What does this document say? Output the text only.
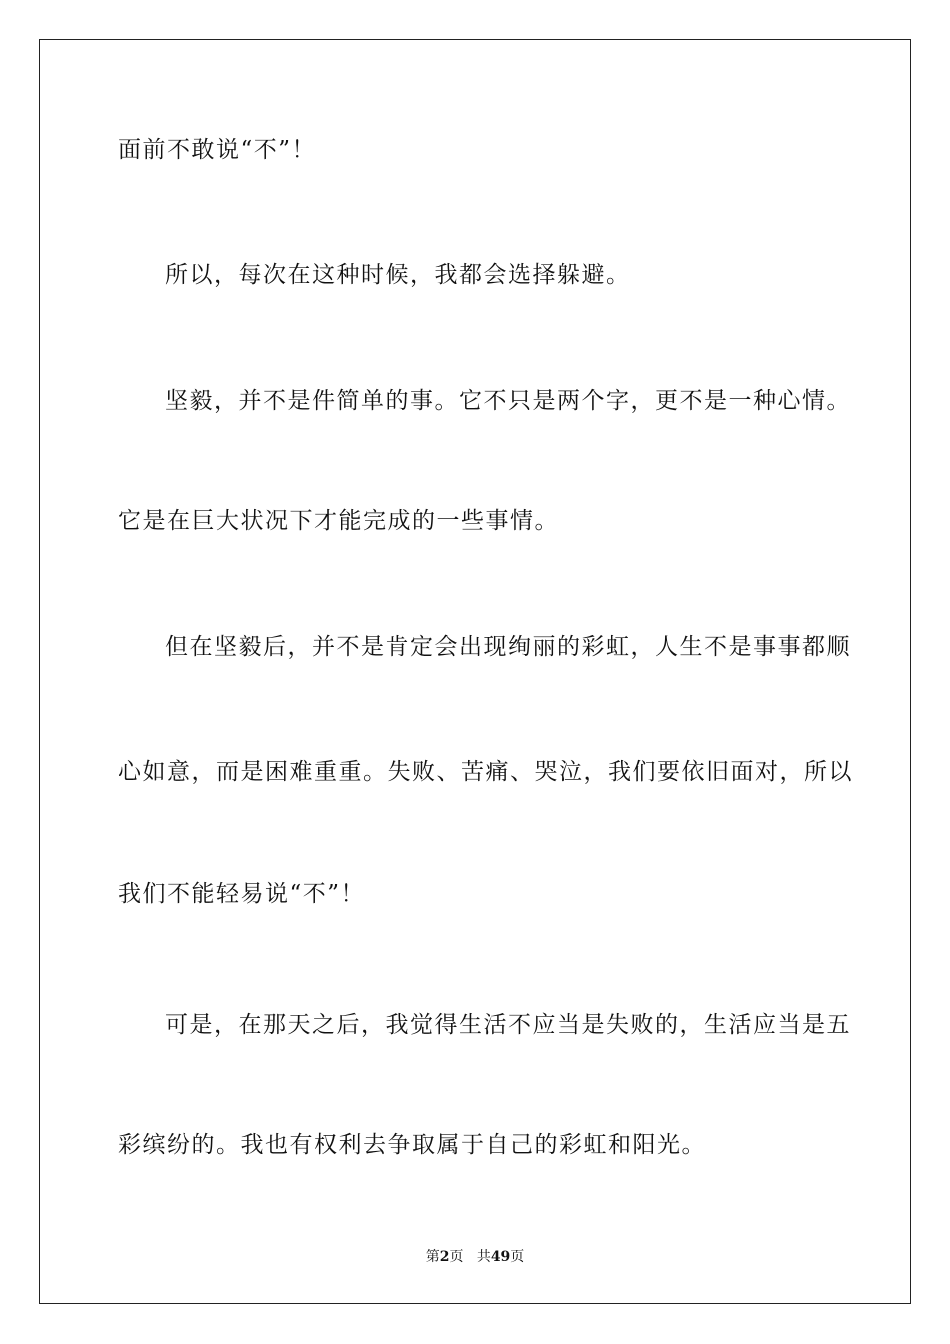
面前不敢说“不”！

所以，每次在这种时候，我都会选择躲避。

坚毅，并不是件简单的事。它不只是两个字，更不是一种心情。

它是在巨大状况下才能完成的一些事情。

但在坚毅后，并不是肯定会出现绚丽的彩虹，人生不是事事都顺

心如意，而是困难重重。失败、苦痛、哭泣，我们要依旧面对，所以

我们不能轻易说“不”！

可是，在那天之后，我觉得生活不应当是失败的，生活应当是五

彩缤纷的。我也有权利去争取属于自己的彩虹和阳光。

第2页 共49页
